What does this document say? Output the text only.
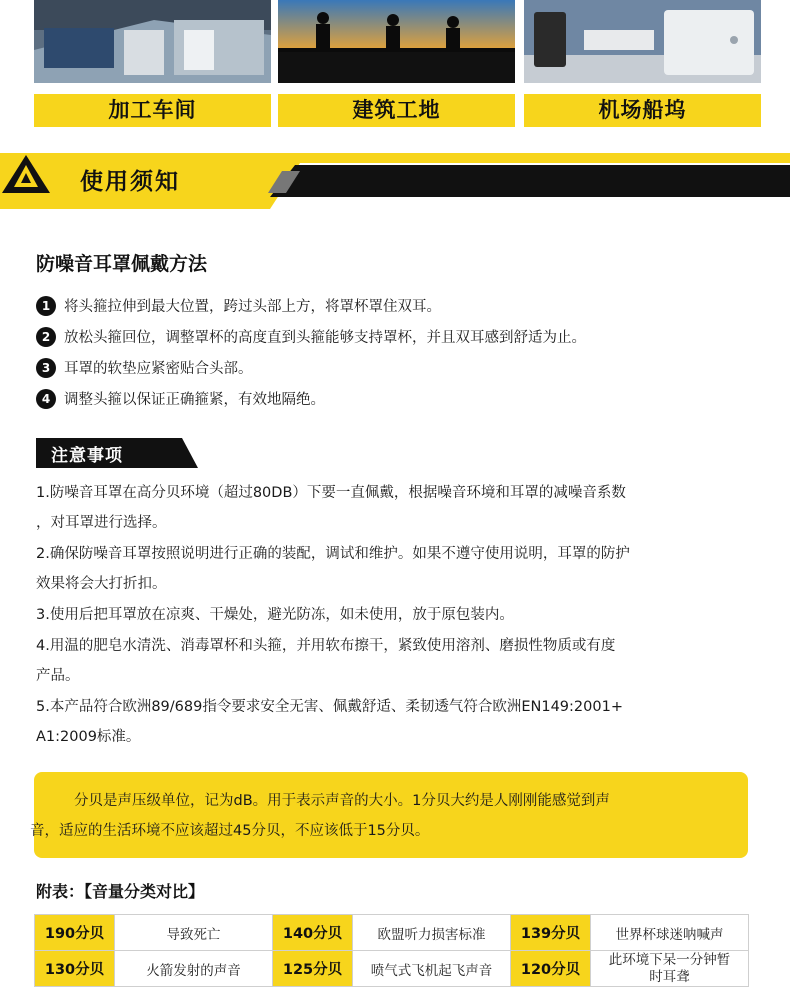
加工车间	建筑工地	机场船坞
使用须知
防噪音耳罩佩戴方法
1 将头箍拉伸到最大位置，跨过头部上方，将罩杯罩住双耳。
2 放松头箍回位，调整罩杯的高度直到头箍能够支持罩杯，并且双耳感到舒适为止。
3 耳罩的软垫应紧密贴合头部。
4 调整头箍以保证正确箍紧，有效地隔绝。
注意事项

1.防噪音耳罩在高分贝环境（超过80DB）下要一直佩戴，根据噪音环境和耳罩的减噪音系数
，对耳罩进行选择。

2.确保防噪音耳罩按照说明进行正确的装配，调试和维护。如果不遵守使用说明，耳罩的防护
效果将会大打折扣。

3.使用后把耳罩放在凉爽、干燥处，避光防冻，如未使用，放于原包装内。

4.用温的肥皂水清洗、消毒罩杯和头箍，并用软布擦干，紧致使用溶剂、磨损性物质或有度
产品。

5.本产品符合欧洲89/689指令要求安全无害、佩戴舒适、柔韧透气符合欧洲EN149:2001+
A1:2009标准。

分贝是声压级单位，记为dB。用于表示声音的大小。1分贝大约是人刚刚能感觉到声
音，适应的生活环境不应该超过45分贝，不应该低于15分贝。
附表：【音量分类对比】
190分贝	导致死亡	140分贝	欧盟听力损害标准	139分贝	世界杯球迷呐喊声
130分贝	火箭发射的声音	125分贝	喷气式飞机起飞声音	120分贝	此环境下呆一分钟暂时耳聋
